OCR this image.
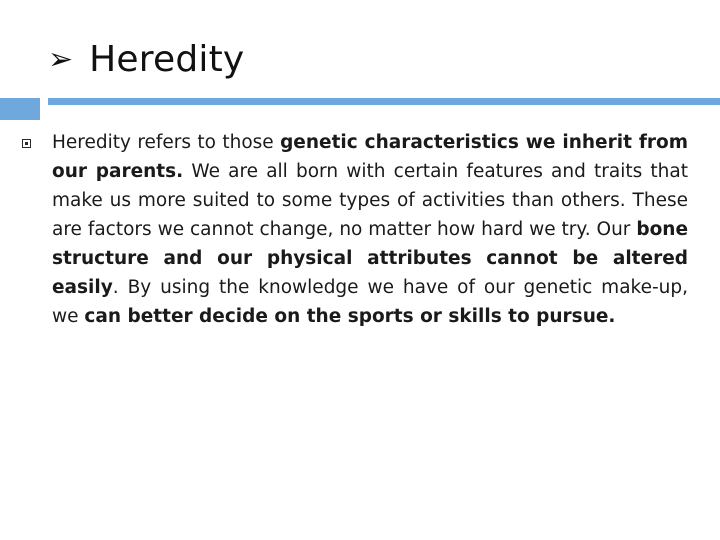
➢ Heredity

Heredity refers to those genetic characteristics we inherit from our parents. We are all born with certain features and traits that make us more suited to some types of activities than others. These are factors we cannot change, no matter how hard we try. Our bone structure and our physical attributes cannot be altered easily. By using the knowledge we have of our genetic make-up, we can better decide on the sports or skills to pursue.
